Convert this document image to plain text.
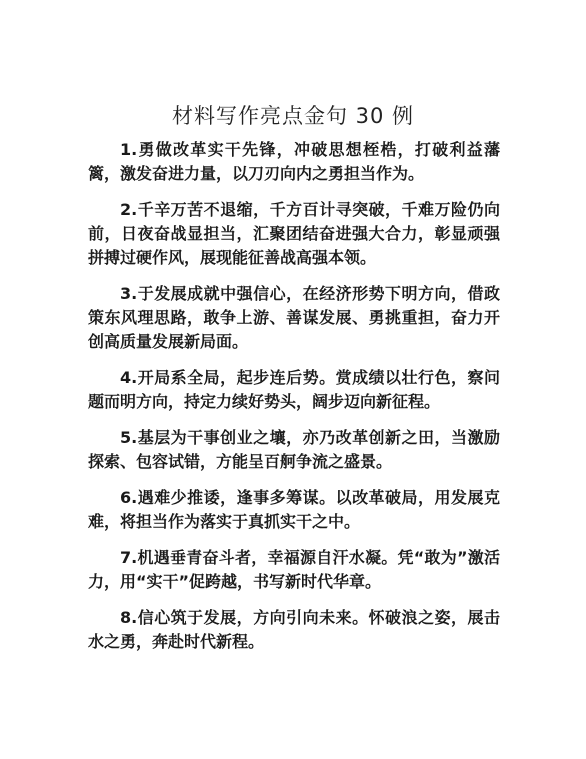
材料写作亮点金句 30 例

1.勇做改革实干先锋，冲破思想桎梏，打破利益藩篱，激发奋进力量，以刀刃向内之勇担当作为。

2.千辛万苦不退缩，千方百计寻突破，千难万险仍向前，日夜奋战显担当，汇聚团结奋进强大合力，彰显顽强拼搏过硬作风，展现能征善战高强本领。

3.于发展成就中强信心，在经济形势下明方向，借政策东风理思路，敢争上游、善谋发展、勇挑重担，奋力开创高质量发展新局面。

4.开局系全局，起步连后势。赏成绩以壮行色，察问题而明方向，持定力续好势头，阔步迈向新征程。

5.基层为干事创业之壤，亦乃改革创新之田，当激励探索、包容试错，方能呈百舸争流之盛景。

6.遇难少推诿，逢事多筹谋。以改革破局，用发展克难，将担当作为落实于真抓实干之中。

7.机遇垂青奋斗者，幸福源自汗水凝。凭“敢为”激活力，用“实干”促跨越，书写新时代华章。

8.信心筑于发展，方向引向未来。怀破浪之姿，展击水之勇，奔赴时代新程。
